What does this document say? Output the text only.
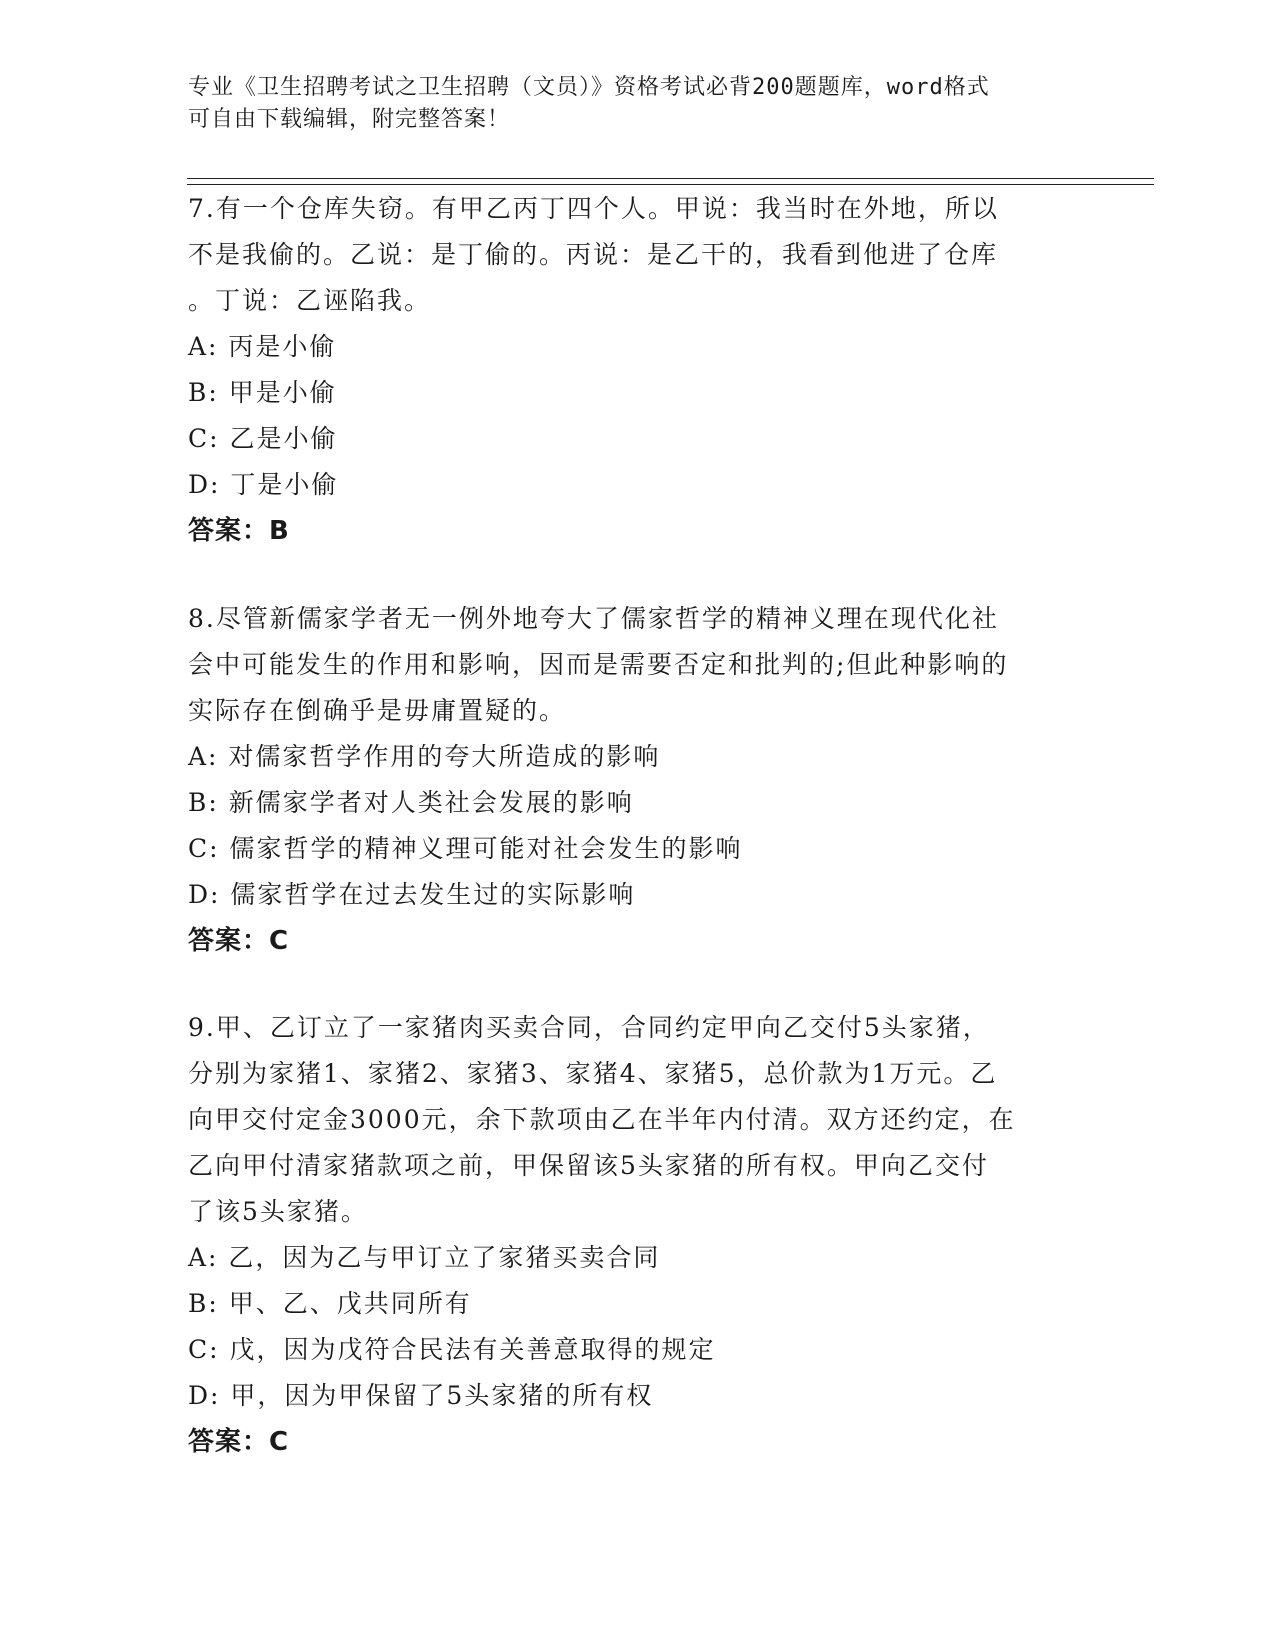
专业《卫生招聘考试之卫生招聘（文员）》资格考试必背200题题库，word格式
可自由下载编辑，附完整答案！
7.有一个仓库失窃。有甲乙丙丁四个人。甲说：我当时在外地，所以
不是我偷的。乙说：是丁偷的。丙说：是乙干的，我看到他进了仓库
。丁说：乙诬陷我。
A: 丙是小偷
B: 甲是小偷
C: 乙是小偷
D: 丁是小偷
答案：B
8.尽管新儒家学者无一例外地夸大了儒家哲学的精神义理在现代化社
会中可能发生的作用和影响，因而是需要否定和批判的;但此种影响的
实际存在倒确乎是毋庸置疑的。
A: 对儒家哲学作用的夸大所造成的影响
B: 新儒家学者对人类社会发展的影响
C: 儒家哲学的精神义理可能对社会发生的影响
D: 儒家哲学在过去发生过的实际影响
答案：C
9.甲、乙订立了一家猪肉买卖合同，合同约定甲向乙交付5头家猪，
分别为家猪1、家猪2、家猪3、家猪4、家猪5，总价款为1万元。乙
向甲交付定金3000元，余下款项由乙在半年内付清。双方还约定，在
乙向甲付清家猪款项之前，甲保留该5头家猪的所有权。甲向乙交付
了该5头家猪。
A: 乙，因为乙与甲订立了家猪买卖合同
B: 甲、乙、戊共同所有
C: 戊，因为戊符合民法有关善意取得的规定
D: 甲，因为甲保留了5头家猪的所有权
答案：C
